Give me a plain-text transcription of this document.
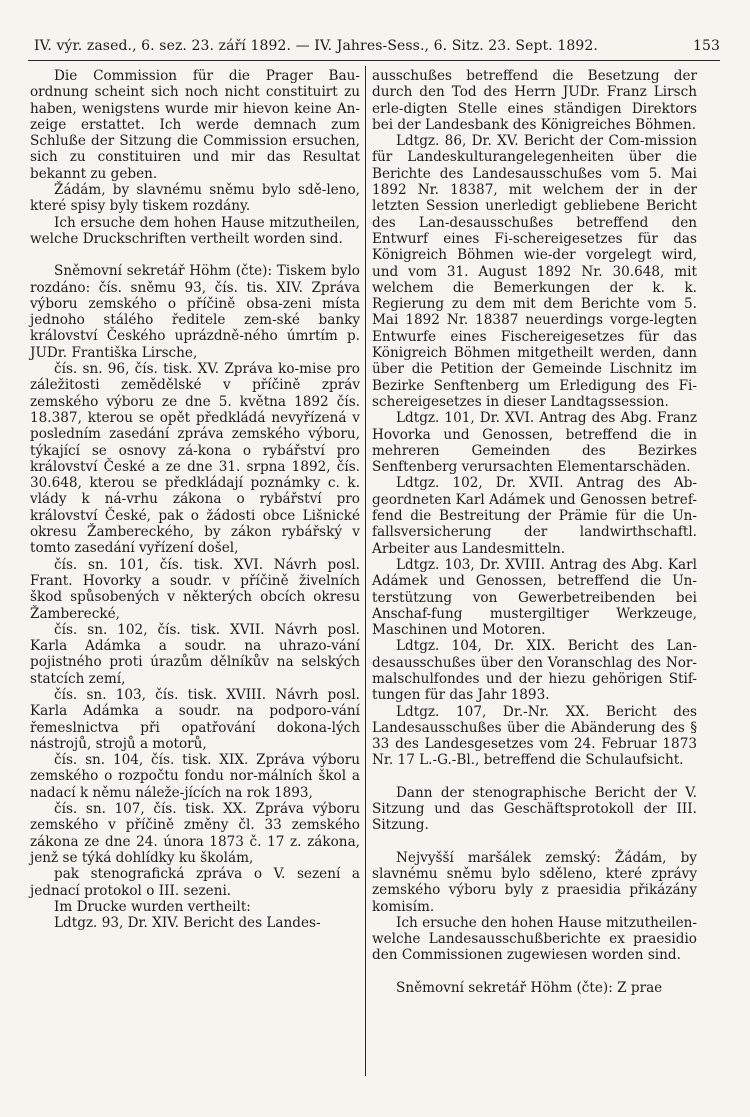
IV. výr. zased., 6. sez. 23. září 1892. — IV. Jahres-Sess., 6. Sitz. 23. Sept. 1892.	153

Die Commission für die Prager Bau-ordnung scheint sich noch nicht constituirt zu haben, wenigstens wurde mir hievon keine An-zeige erstattet. Ich werde demnach zum Schluße der Sitzung die Commission ersuchen, sich zu constituiren und mir das Resultat bekannt zu geben.

Žádám, by slavnému sněmu bylo sdě-leno, které spisy byly tiskem rozdány.

Ich ersuche dem hohen Hause mitzutheilen, welche Druckschriften vertheilt worden sind.

Sněmovní sekretář Höhm (čte): Tiskem bylo rozdáno: čís. sněmu 93, čís. tis. XIV. Zpráva výboru zemského o příčině obsa-zeni místa jednoho stálého ředitele zem-ské banky království Českého uprázdně-ného úmrtím p. JUDr. Františka Lirsche,

čís. sn. 96, čís. tisk. XV. Zpráva ko-mise pro záležitosti zemědělské v příčině zpráv zemského výboru ze dne 5. května 1892 čís. 18.387, kterou se opět předkládá nevyřízená v posledním zasedání zpráva zemského výboru, týkající se osnovy zá-kona o rybářství pro království České a ze dne 31. srpna 1892, čís. 30.648, kterou se předkládají poznámky c. k. vlády k ná-vrhu zákona o rybářství pro království České, pak o žádosti obce Lišnické okresu Žambereckého, by zákon rybářský v tomto zasedání vyřízení došel,

čís. sn. 101, čís. tisk. XVI. Návrh posl. Frant. Hovorky a soudr. v příčině živelních škod spůsobených v některých obcích okresu Žamberecké,

čís. sn. 102, čís. tisk. XVII. Návrh posl. Karla Adámka a soudr. na uhrazo-vání pojistného proti úrazům dělníkův na selských statcích zemí,

čís. sn. 103, čís. tisk. XVIII. Návrh posl. Karla Adámka a soudr. na podporo-vání řemeslnictva při opatřování dokona-lých nástrojů, strojů a motorů,

čís. sn. 104, čís. tisk. XIX. Zpráva výboru zemského o rozpočtu fondu nor-málních škol a nadací k němu náleže-jících na rok 1893,

čís. sn. 107, čís. tisk. XX. Zpráva výboru zemského v příčině změny čl. 33 zemského zákona ze dne 24. února 1873 č. 17 z. zákona, jenž se týká dohlídky ku školám,

pak stenografická zpráva o V. sezení a jednací protokol o III. sezeni.

Im Drucke wurden vertheilt:

Ldtgz. 93, Dr. XIV. Bericht des Landes-

ausschußes betreffend die Besetzung der durch den Tod des Herrn JUDr. Franz Lirsch erle-digten Stelle eines ständigen Direktors bei der Landesbank des Königreiches Böhmen.

Ldtgz. 86, Dr. XV. Bericht der Com-mission für Landeskulturangelegenheiten über die Berichte des Landesausschußes vom 5. Mai 1892 Nr. 18387, mit welchem der in der letzten Session unerledigt gebliebene Bericht des Lan-desausschußes betreffend den Entwurf eines Fi-schereigesetzes für das Königreich Böhmen wie-der vorgelegt wird, und vom 31. August 1892 Nr. 30.648, mit welchem die Bemerkungen der k. k. Regierung zu dem mit dem Berichte vom 5. Mai 1892 Nr. 18387 neuerdings vorge-legten Entwurfe eines Fischereigesetzes für das Königreich Böhmen mitgetheilt werden, dann über die Petition der Gemeinde Lischnitz im Bezirke Senftenberg um Erledigung des Fi-schereigesetzes in dieser Landtagssession.

Ldtgz. 101, Dr. XVI. Antrag des Abg. Franz Hovorka und Genossen, betreffend die in mehreren Gemeinden des Bezirkes Senftenberg verursachten Elementarschäden.

Ldtgz. 102, Dr. XVII. Antrag des Ab-geordneten Karl Adámek und Genossen betref-fend die Bestreitung der Prämie für die Un-fallsversicherung der landwirthschaftl. Arbeiter aus Landesmitteln.

Ldtgz. 103, Dr. XVIII. Antrag des Abg. Karl Adámek und Genossen, betreffend die Un-terstützung von Gewerbetreibenden bei Anschaf-fung mustergiltiger Werkzeuge, Maschinen und Motoren.

Ldtgz. 104, Dr. XIX. Bericht des Lan-desausschußes über den Voranschlag des Nor-malschulfondes und der hiezu gehörigen Stif-tungen für das Jahr 1893.

Ldtgz. 107, Dr.-Nr. XX. Bericht des Landesausschußes über die Abänderung des § 33 des Landesgesetzes vom 24. Februar 1873 Nr. 17 L.-G.-Bl., betreffend die Schulaufsicht.

Dann der stenographische Bericht der V. Sitzung und das Geschäftsprotokoll der III. Sitzung.

Nejvyšší maršálek zemský: Žádám, by slavnému sněmu bylo sděleno, které zprávy zemského výboru byly z praesidia přikázány komisím.

Ich ersuche den hohen Hause mitzutheilen-welche Landesausschußberichte ex praesidio den Commissionen zugewiesen worden sind.

Sněmovní sekretář Höhm (čte): Z prae
